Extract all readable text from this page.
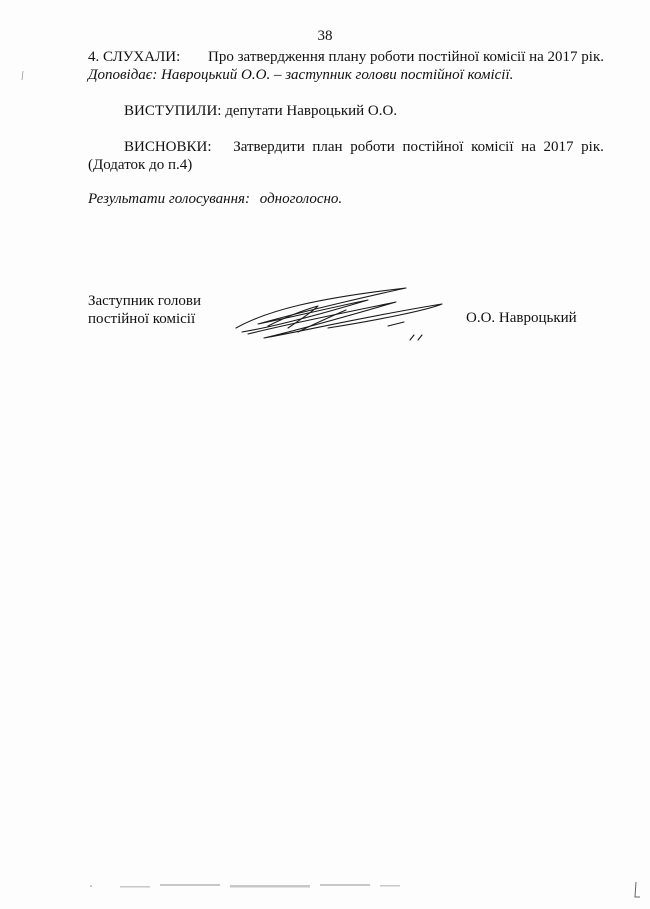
38
4. СЛУХАЛИ: Про затвердження плану роботи постійної комісії на 2017 рік.
Доповідає: Навроцький О.О. – заступник голови постійної комісії.
ВИСТУПИЛИ: депутати Навроцький О.О.
ВИСНОВКИ: Затвердити план роботи постійної комісії на 2017 рік.
(Додаток до п.4)
Результати голосування: одноголосно.
Заступник голови
постійної комісії	О.О. Навроцький
